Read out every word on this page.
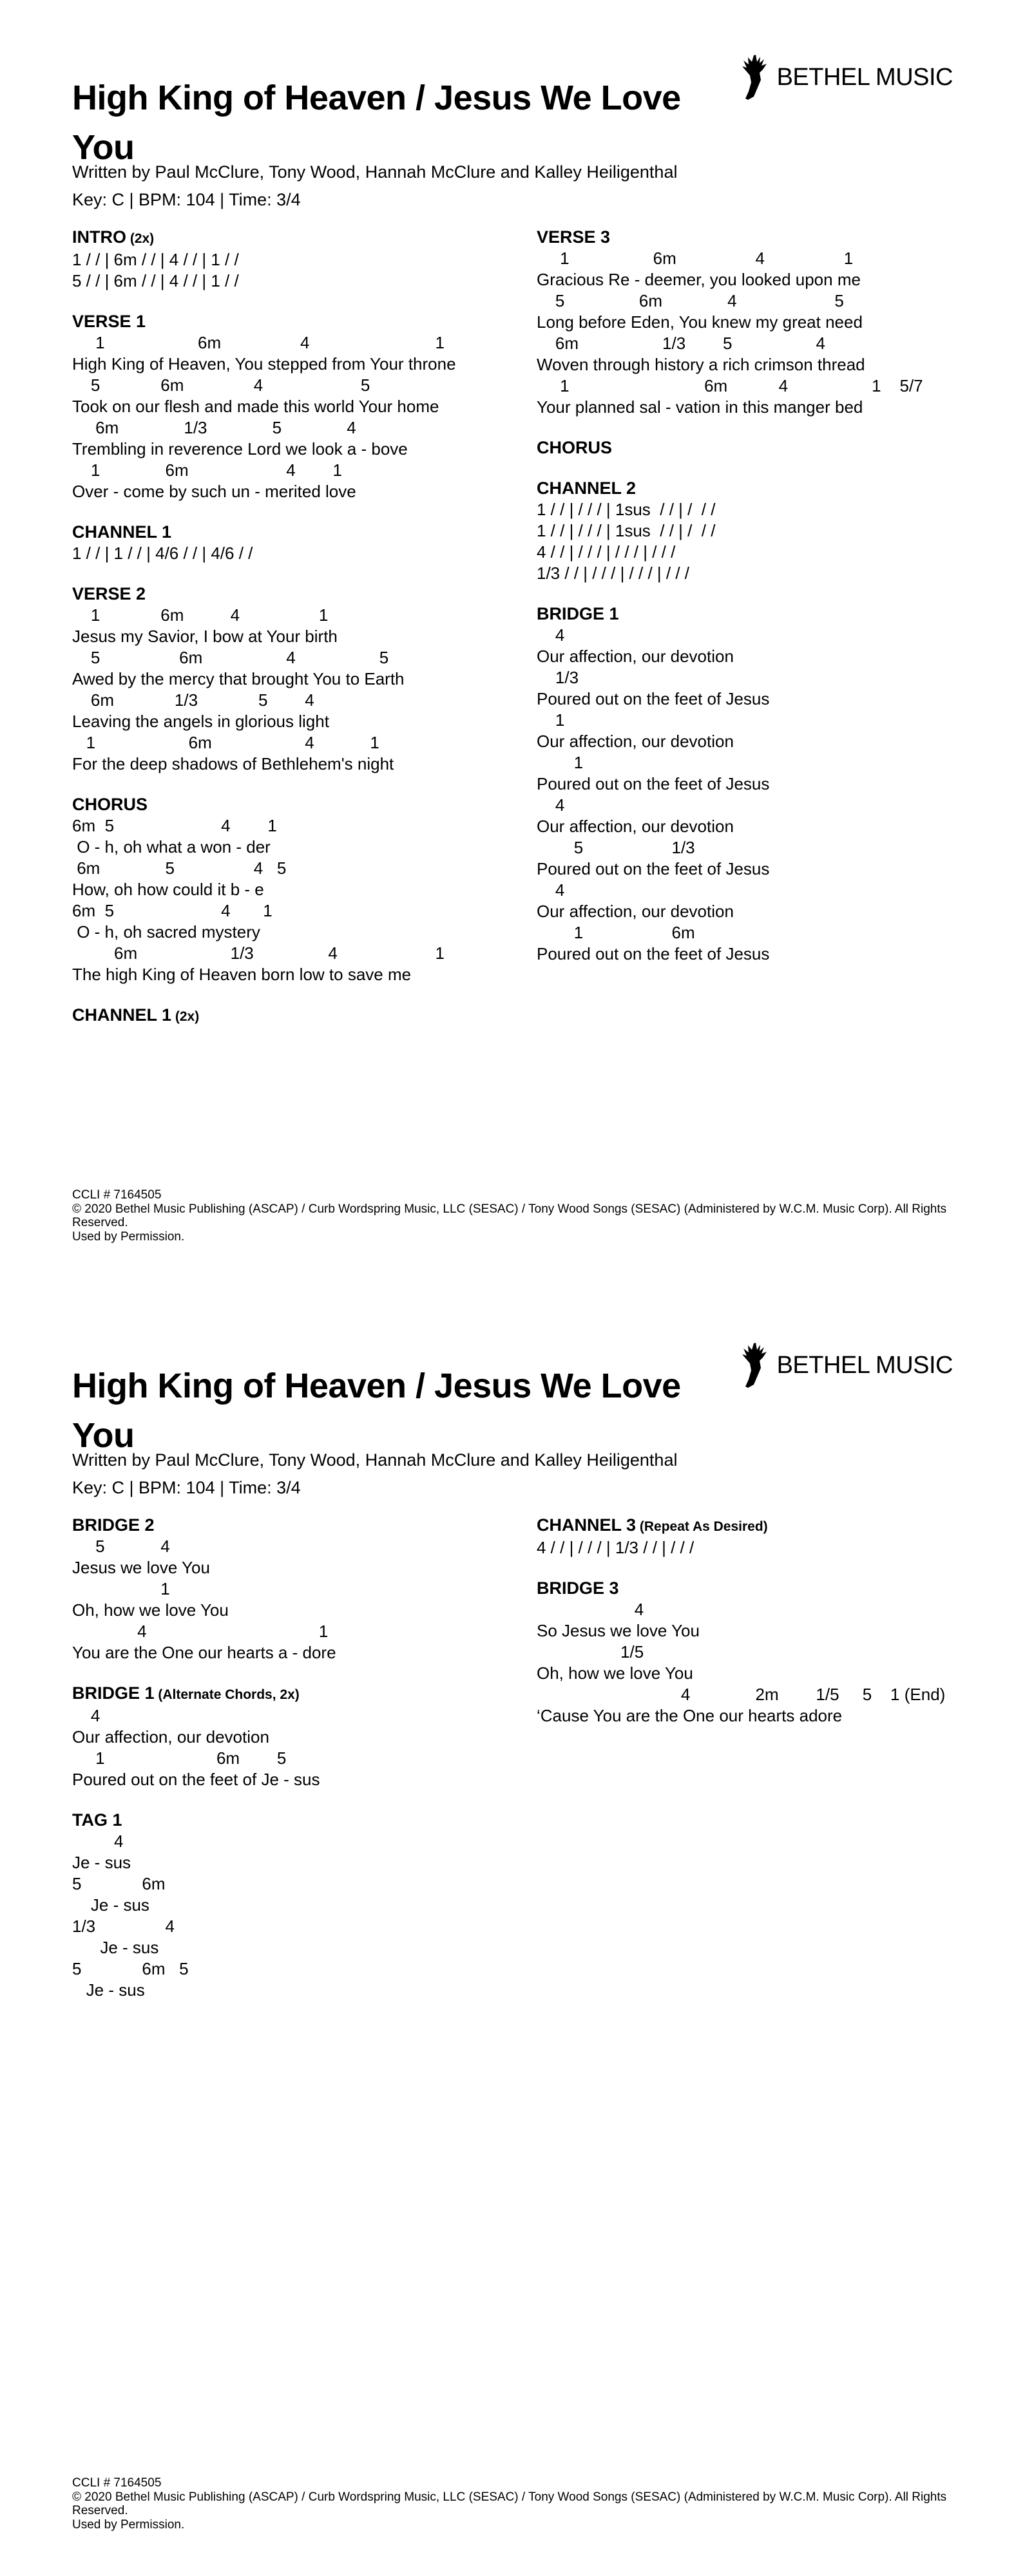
High King of Heaven / Jesus We Love You
BETHEL MUSIC
Written by Paul McClure, Tony Wood, Hannah McClure and Kalley Heiligenthal
Key: C | BPM: 104 | Time: 3/4
INTRO (2x)
1 / / | 6m / / | 4 / / | 1 / /
5 / / | 6m / / | 4 / / | 1 / /
VERSE 1
1                    6m                 4                           1
High King of Heaven, You stepped from Your throne
5             6m               4                     5
Took on our flesh and made this world Your home
6m              1/3              5              4
Trembling in reverence Lord we look a - bove
1              6m                     4        1
Over - come by such un - merited love
CHANNEL 1
1 / / | 1 / / | 4/6 / / | 4/6 / /
VERSE 2
1             6m          4                 1
Jesus my Savior, I bow at Your birth
5                 6m                  4                  5
Awed by the mercy that brought You to Earth
6m             1/3             5        4
Leaving the angels in glorious light
1                    6m                    4            1
For the deep shadows of Bethlehem's night
CHORUS
6m  5                       4        1
O - h, oh what a won - der
6m              5                 4   5
How, oh how could it b - e
6m  5                       4       1
O - h, oh sacred mystery
6m                    1/3                4                     1
The high King of Heaven born low to save me
CHANNEL 1 (2x)
VERSE 3
1                  6m                 4                 1
Gracious Re - deemer, you looked upon me
5                6m              4                     5
Long before Eden, You knew my great need
6m                  1/3        5                  4
Woven through history a rich crimson thread
1                             6m           4                  1    5/7
Your planned sal - vation in this manger bed
CHORUS
CHANNEL 2
1 / / | / / / | 1sus  / / | /  / /
1 / / | / / / | 1sus  / / | /  / /
4 / / | / / / | / / / | / / /
1/3 / / | / / / | / / / | / / /
BRIDGE 1
4
Our affection, our devotion
1/3
Poured out on the feet of Jesus
1
Our affection, our devotion
1
Poured out on the feet of Jesus
4
Our affection, our devotion
5                   1/3
Poured out on the feet of Jesus
4
Our affection, our devotion
1                   6m
Poured out on the feet of Jesus
CCLI # 7164505
© 2020 Bethel Music Publishing (ASCAP) / Curb Wordspring Music, LLC (SESAC) / Tony Wood Songs (SESAC) (Administered by W.C.M. Music Corp). All Rights Reserved.
Used by Permission.
High King of Heaven / Jesus We Love You
BETHEL MUSIC
Written by Paul McClure, Tony Wood, Hannah McClure and Kalley Heiligenthal
Key: C | BPM: 104 | Time: 3/4
BRIDGE 2
5            4
Jesus we love You
1
Oh, how we love You
4                                     1
You are the One our hearts a - dore
BRIDGE 1 (Alternate Chords, 2x)
4
Our affection, our devotion
1                        6m        5
Poured out on the feet of Je - sus
TAG 1
4
Je - sus
5             6m
Je - sus
1/3               4
Je - sus
5             6m   5
Je - sus
CHANNEL 3 (Repeat As Desired)
4 / / | / / / | 1/3 / / | / / /
BRIDGE 3
4
So Jesus we love You
1/5
Oh, how we love You
4              2m        1/5     5    1 (End)
‘Cause You are the One our hearts adore
CCLI # 7164505
© 2020 Bethel Music Publishing (ASCAP) / Curb Wordspring Music, LLC (SESAC) / Tony Wood Songs (SESAC) (Administered by W.C.M. Music Corp). All Rights Reserved.
Used by Permission.
